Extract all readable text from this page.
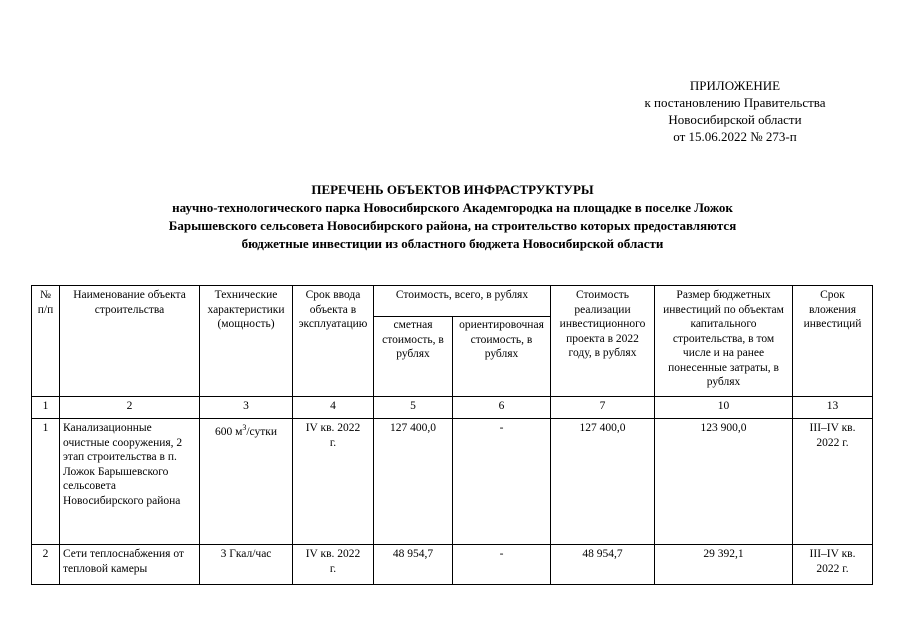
ПРИЛОЖЕНИЕ
к постановлению Правительства
Новосибирской области
от 15.06.2022 № 273-п
ПЕРЕЧЕНЬ ОБЪЕКТОВ ИНФРАСТРУКТУРЫ
научно-технологического парка Новосибирского Академгородка на площадке в поселке Ложок
Барышевского сельсовета Новосибирского района, на строительство которых предоставляются
бюджетные инвестиции из областного бюджета Новосибирской области
№ п/п	Наименование объекта строительства	Технические характеристики (мощность)	Срок ввода объекта в эксплуатацию	Стоимость, всего, в рублях		Стоимость реализации инвестиционного проекта в 2022 году, в рублях	Размер бюджетных инвестиций по объектам капитального строительства, в том числе и на ранее понесенные затраты, в рублях	Срок вложения инвестиций
				сметная стоимость, в рублях	ориентировочная стоимость, в рублях			
1	2	3	4	5	6	7	10	13
1	Канализационные очистные сооружения, 2 этап строительства в п. Ложок Барышевского сельсовета Новосибирского района	600 $м^3$/сутки	IV кв. 2022 г.	127 400,0	-	127 400,0	123 900,0	III–IV кв. 2022 г.

2	Сети теплоснабжения от тепловой камеры	3 Гкал/час	IV кв. 2022 г.	48 954,7	-	48 954,7	29 392,1	III–IV кв. 2022 г.
